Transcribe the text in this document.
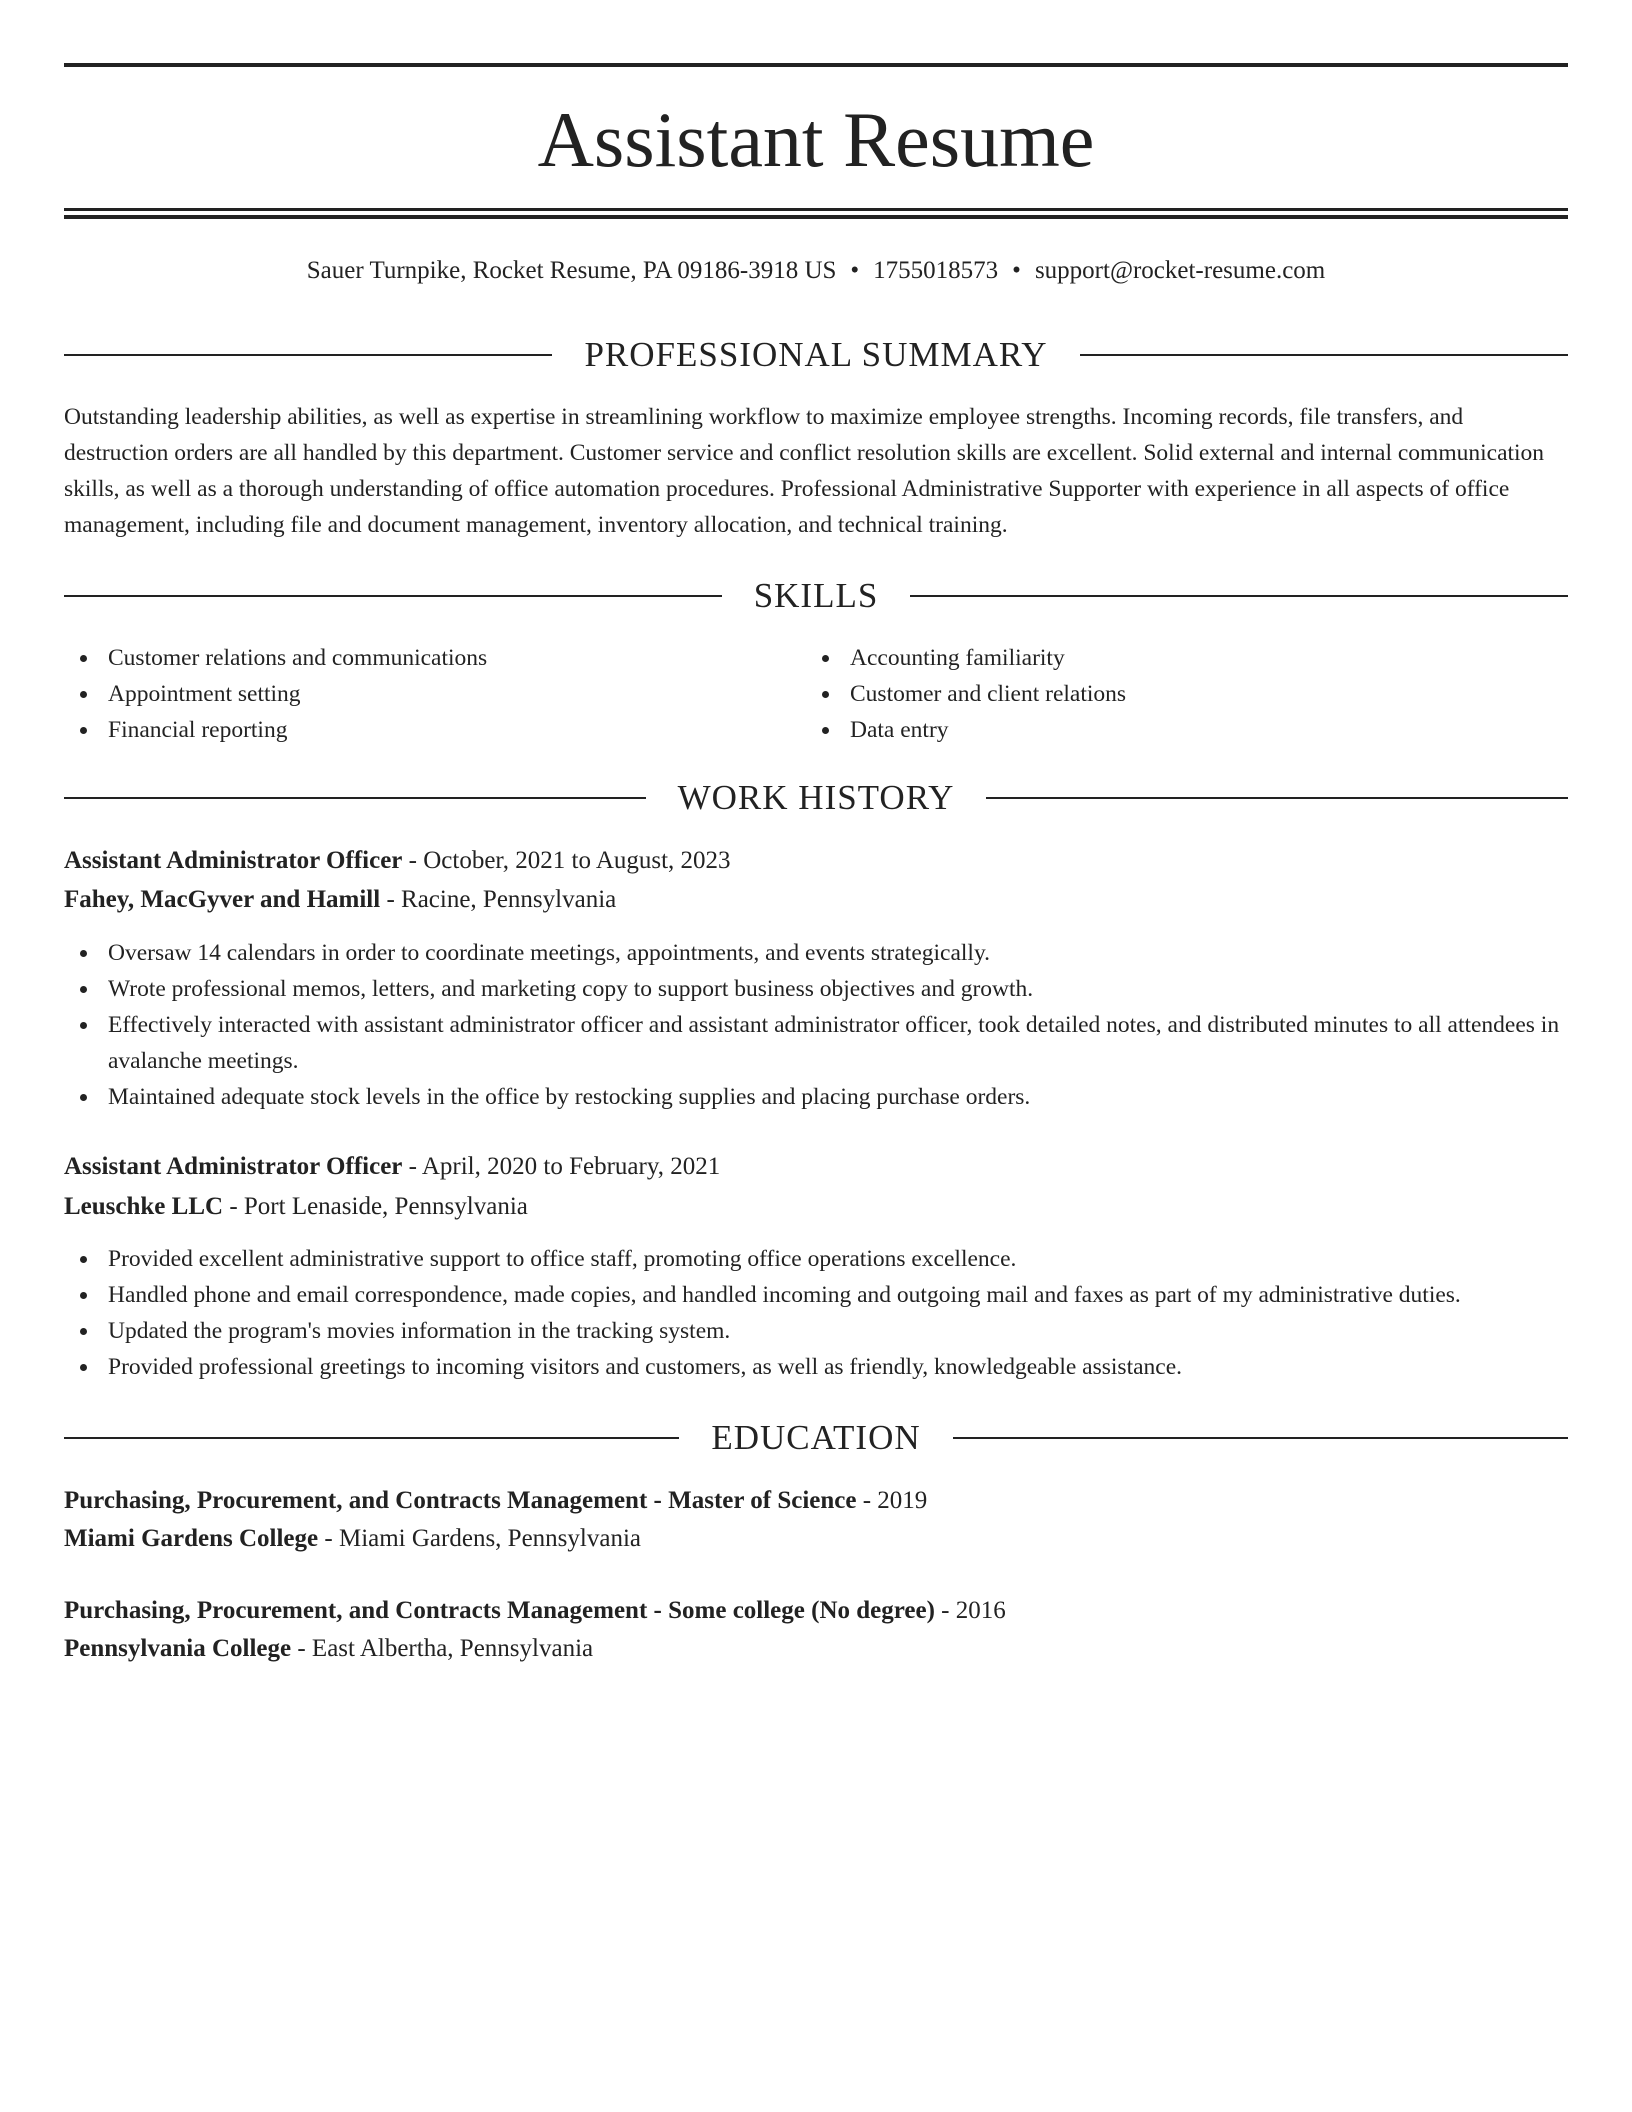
Assistant Resume
Sauer Turnpike, Rocket Resume, PA 09186-3918 US • 1755018573 • support@rocket-resume.com
PROFESSIONAL SUMMARY

Outstanding leadership abilities, as well as expertise in streamlining workflow to maximize employee strengths. Incoming records, file transfers, and destruction orders are all handled by this department. Customer service and conflict resolution skills are excellent. Solid external and internal communication skills, as well as a thorough understanding of office automation procedures. Professional Administrative Supporter with experience in all aspects of office management, including file and document management, inventory allocation, and technical training.

SKILLS
Customer relations and communications
Appointment setting
Financial reporting
Accounting familiarity
Customer and client relations
Data entry
WORK HISTORY
Assistant Administrator Officer - October, 2021 to August, 2023
Fahey, MacGyver and Hamill - Racine, Pennsylvania
Oversaw 14 calendars in order to coordinate meetings, appointments, and events strategically.
Wrote professional memos, letters, and marketing copy to support business objectives and growth.
Effectively interacted with assistant administrator officer and assistant administrator officer, took detailed notes, and distributed minutes to all attendees in avalanche meetings.
Maintained adequate stock levels in the office by restocking supplies and placing purchase orders.
Assistant Administrator Officer - April, 2020 to February, 2021
Leuschke LLC - Port Lenaside, Pennsylvania
Provided excellent administrative support to office staff, promoting office operations excellence.
Handled phone and email correspondence, made copies, and handled incoming and outgoing mail and faxes as part of my administrative duties.
Updated the program's movies information in the tracking system.
Provided professional greetings to incoming visitors and customers, as well as friendly, knowledgeable assistance.
EDUCATION
Purchasing, Procurement, and Contracts Management - Master of Science - 2019
Miami Gardens College - Miami Gardens, Pennsylvania
Purchasing, Procurement, and Contracts Management - Some college (No degree) - 2016
Pennsylvania College - East Albertha, Pennsylvania
